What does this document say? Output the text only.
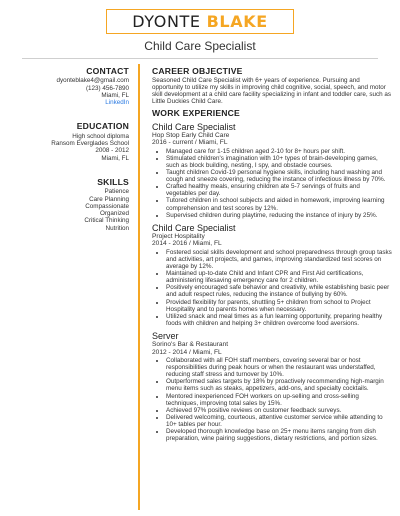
DYONTE BLAKE
Child Care Specialist
CONTACT
dyonteblake4@gmail.com
(123) 456-7890
Miami, FL
LinkedIn
EDUCATION
High school diploma
Ransom Everglades School
2008 - 2012
Miami, FL
SKILLS
Patience
Care Planning
Compassionate
Organized
Critical Thinking
Nutrition
CAREER OBJECTIVE

Seasoned Child Care Specialist with 6+ years of experience. Pursuing and opportunity to utilize my skills in improving child cognitive, social, speech, and motor skill development at a child care facility specializing in infant and toddler care, such as Little Duckies Child Care.

WORK EXPERIENCE
Child Care Specialist
Hop Stop Early Child Care
2016 - current / Miami, FL
• Managed care for 1-15 children aged 2-10 for 8+ hours per shift.
• Stimulated children's imagination with 10+ types of brain-developing games, such as block building, nesting, I spy, and obstacle courses.
• Taught children Covid-19 personal hygiene skills, including hand washing and cough and sneeze covering, reducing the instance of infectious illness by 70%.
• Crafted healthy meals, ensuring children ate 5-7 servings of fruits and vegetables per day.
• Tutored children in school subjects and aided in homework, improving learning comprehension and test scores by 12%.
• Supervised children during playtime, reducing the instance of injury by 25%.
Child Care Specialist
Project Hospitality
2014 - 2016 / Miami, FL
• Fostered social skills development and school preparedness through group tasks and activities, art projects, and games, improving standardized test scores on average by 12%.
• Maintained up-to-date Child and Infant CPR and First Aid certifications, administering lifesaving emergency care for 2 children.
• Positively encouraged safe behavior and creativity, while establishing basic peer and adult respect rules, reducing the instance of bullying by 60%.
• Provided flexibility for parents, shuttling 5+ children from school to Project Hospitality and to parents homes when necessary.
• Utilized snack and meal times as a fun learning opportunity, preparing healthy foods with children and helping 3+ children overcome food aversions.
Server
Sorino's Bar & Restaurant
2012 - 2014 / Miami, FL
• Collaborated with all FOH staff members, covering several bar or host responsibilities during peak hours or when the restaurant was understaffed, reducing staff stress and turnover by 10%.
• Outperformed sales targets by 18% by proactively recommending high-margin menu items such as steaks, appetizers, add-ons, and specialty cocktails.
• Mentored inexperienced FOH workers on up-selling and cross-selling techniques, improving total sales by 15%.
• Achieved 97% positive reviews on customer feedback surveys.
• Delivered welcoming, courteous, attentive customer service while attending to 10+ tables per hour.
• Developed thorough knowledge base on 25+ menu items ranging from dish preparation, wine pairing suggestions, dietary restrictions, and portion sizes.
